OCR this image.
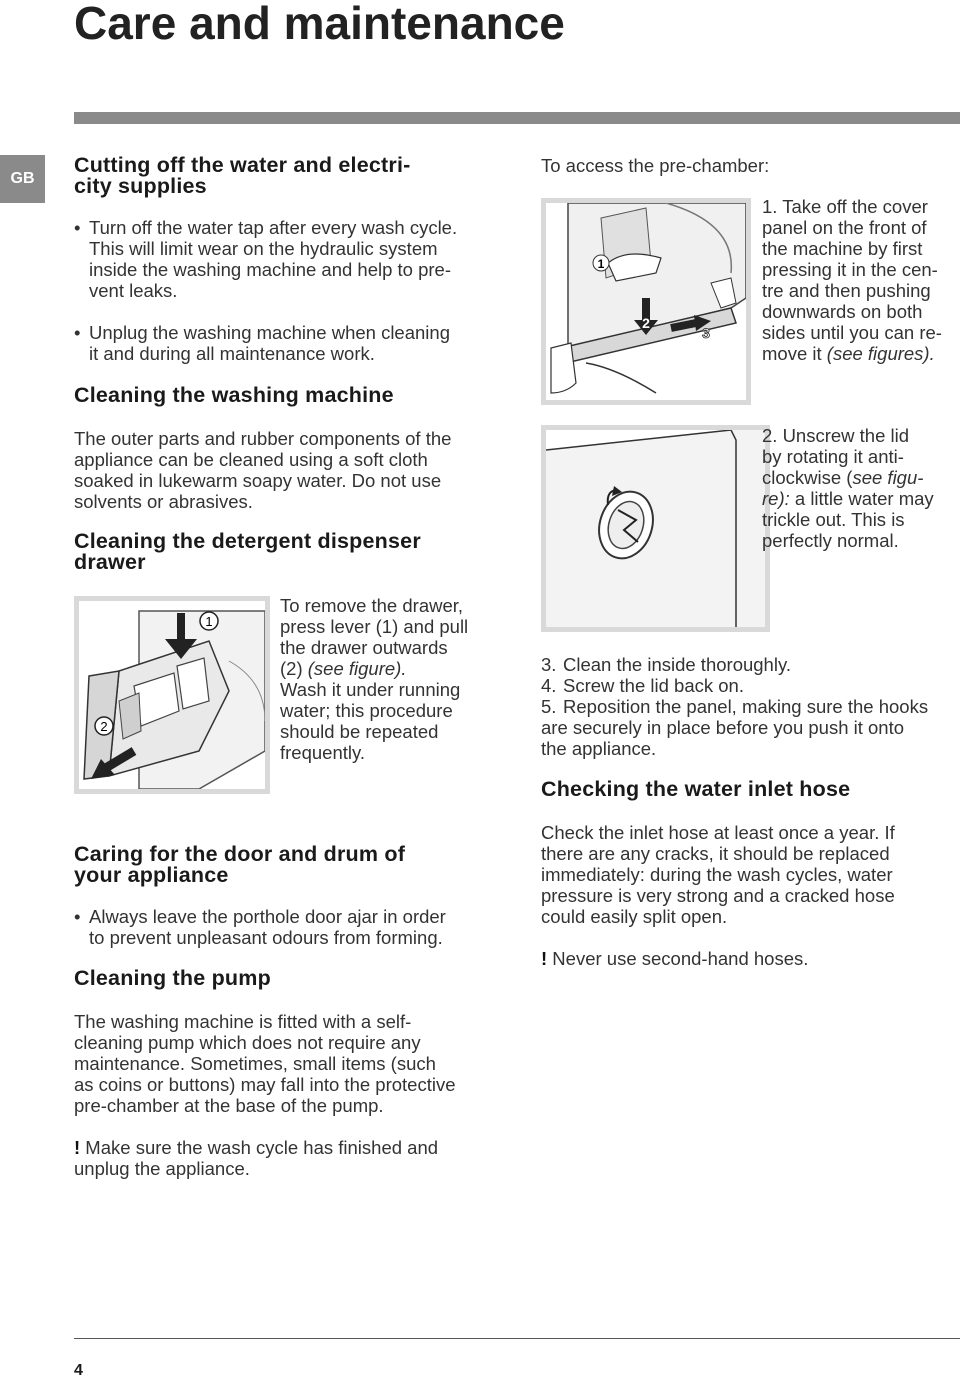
Care and maintenance
GB
Cutting off the water and electri-
city supplies
• Turn off the water tap after every wash cycle.
This will limit wear on the hydraulic system
inside the washing machine and help to pre-
vent leaks.
• Unplug the washing machine when cleaning
it and during all maintenance work.
Cleaning the washing machine

The outer parts and rubber components of the
appliance can be cleaned using a soft cloth
soaked in lukewarm soapy water. Do not use
solvents or abrasives.

Cleaning the detergent dispenser
drawer
1
2

To remove the drawer,
press lever (1) and pull
the drawer outwards
(2) (see figure).
Wash it under running
water; this procedure
should be repeated
frequently.

Caring for the door and drum of
your appliance
• Always leave the porthole door ajar in order
to prevent unpleasant odours from forming.
Cleaning the pump

The washing machine is fitted with a self-
cleaning pump which does not require any
maintenance. Sometimes, small items (such
as coins or buttons) may fall into the protective
pre-chamber at the base of the pump.

! Make sure the wash cycle has finished and
unplug the appliance.

To access the pre-chamber:

1
2
3

1. Take off the cover
panel on the front of
the machine by first
pressing it in the cen-
tre and then pushing
downwards on both
sides until you can re-
move it (see figures).

2. Unscrew the lid
by rotating it anti-
clockwise (see figu-
re): a little water may
trickle out. This is
perfectly normal.

3. Clean the inside thoroughly.
4. Screw the lid back on.
5. Reposition the panel, making sure the hooks

are securely in place before you push it onto
the appliance.

Checking the water inlet hose

Check the inlet hose at least once a year. If
there are any cracks, it should be replaced
immediately: during the wash cycles, water
pressure is very strong and a cracked hose
could easily split open.

! Never use second-hand hoses.

4
